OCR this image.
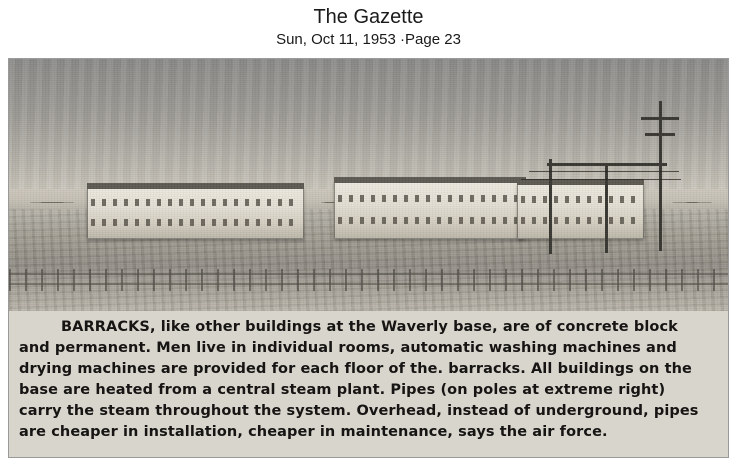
The Gazette
Sun, Oct 11, 1953 ·Page 23
BARRACKS, like other buildings at the Waverly base, are of concrete block
and permanent. Men live in individual rooms, automatic washing machines and
drying machines are provided for each floor of the. barracks. All buildings on the
base are heated from a central steam plant. Pipes (on poles at extreme right)
carry the steam throughout the system. Overhead, instead of underground, pipes
are cheaper in installation, cheaper in maintenance, says the air force.
